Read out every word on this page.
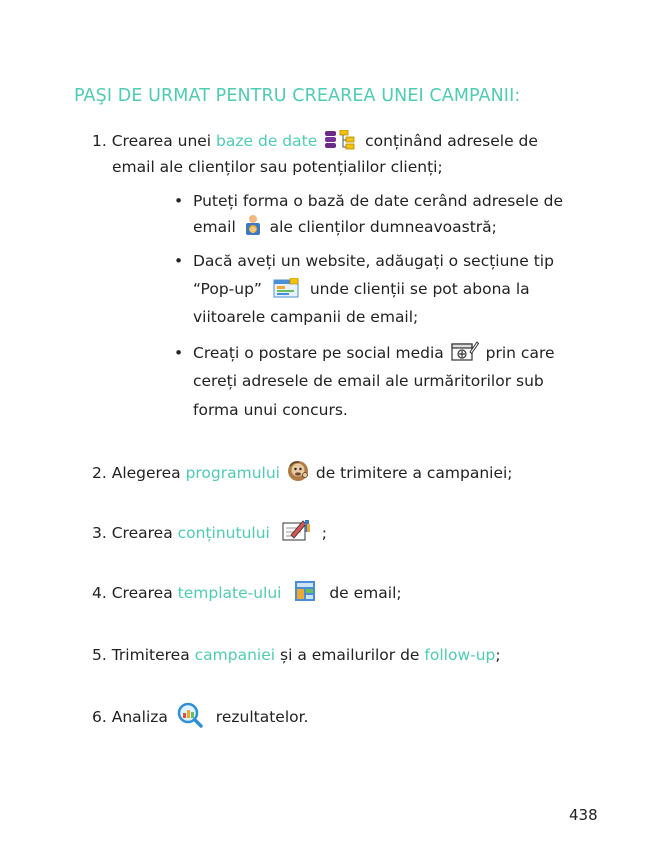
PAŞI DE URMAT PENTRU CREAREA UNEI CAMPANII:
1. Crearea unei baze de date	conținând adresele de
email ale clienților sau potențialilor clienți;
• Puteți forma o bază de date cerând adresele de
email @ ale clienților dumneavoastră;
• Dacă aveți un website, adăugați o secțiune tip
“Pop-up”	unde clienții se pot abona la
viitoarele campanii de email;
• Creați o postare pe social media	prin care
cereți adresele de email ale urmăritorilor sub
forma unui concurs.
2. Alegerea programului de trimitere a campaniei;
3. Crearea conținutului	;
4. Crearea template-ului	de email;
5. Trimiterea campaniei și a emailurilor de follow-up;
6. Analiza	rezultatelor.
438
